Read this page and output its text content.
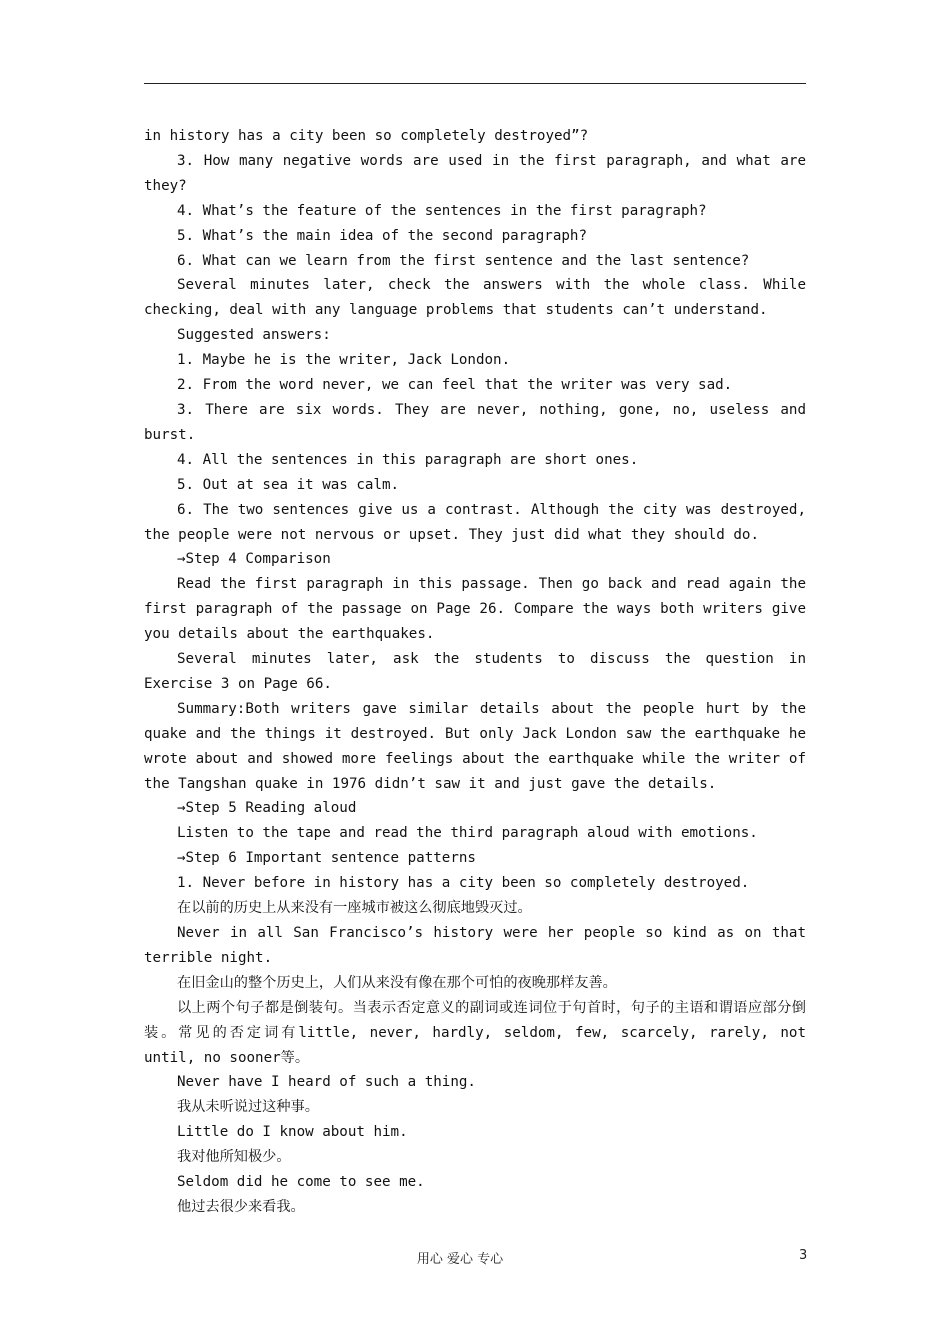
in history has a city been so completely destroyed”?

3. How many negative words are used in the first paragraph, and what are they?

4. What’s the feature of the sentences in the first paragraph?

5. What’s the main idea of the second paragraph?

6. What can we learn from the first sentence and the last sentence?

Several minutes later, check the answers with the whole class. While checking, deal with any language problems that students can’t understand.

Suggested answers:

1. Maybe he is the writer, Jack London.

2. From the word never, we can feel that the writer was very sad.

3. There are six words. They are never, nothing, gone, no, useless and burst.

4. All the sentences in this paragraph are short ones.

5. Out at sea it was calm.

6. The two sentences give us a contrast. Although the city was destroyed, the people were not nervous or upset. They just did what they should do.

→Step 4 Comparison

Read the first paragraph in this passage. Then go back and read again the first paragraph of the passage on Page 26. Compare the ways both writers give you details about the earthquakes.

Several minutes later, ask the students to discuss the question in Exercise 3 on Page 66.

Summary:Both writers gave similar details about the people hurt by the quake and the things it destroyed. But only Jack London saw the earthquake he wrote about and showed more feelings about the earthquake while the writer of the Tangshan quake in 1976 didn’t saw it and just gave the details.

→Step 5 Reading aloud

Listen to the tape and read the third paragraph aloud with emotions.

→Step 6 Important sentence patterns

1. Never before in history has a city been so completely destroyed.

在以前的历史上从来没有一座城市被这么彻底地毁灭过。

Never in all San Francisco’s history were her people so kind as on that terrible night.

在旧金山的整个历史上，人们从来没有像在那个可怕的夜晚那样友善。

以上两个句子都是倒装句。当表示否定意义的副词或连词位于句首时，句子的主语和谓语应部分倒装。常见的否定词有little, never, hardly, seldom, few, scarcely, rarely, not until, no sooner等。

Never have I heard of such a thing.

我从未听说过这种事。

Little do I know about him.

我对他所知极少。

Seldom did he come to see me.

他过去很少来看我。

用心 爱心 专心	3
